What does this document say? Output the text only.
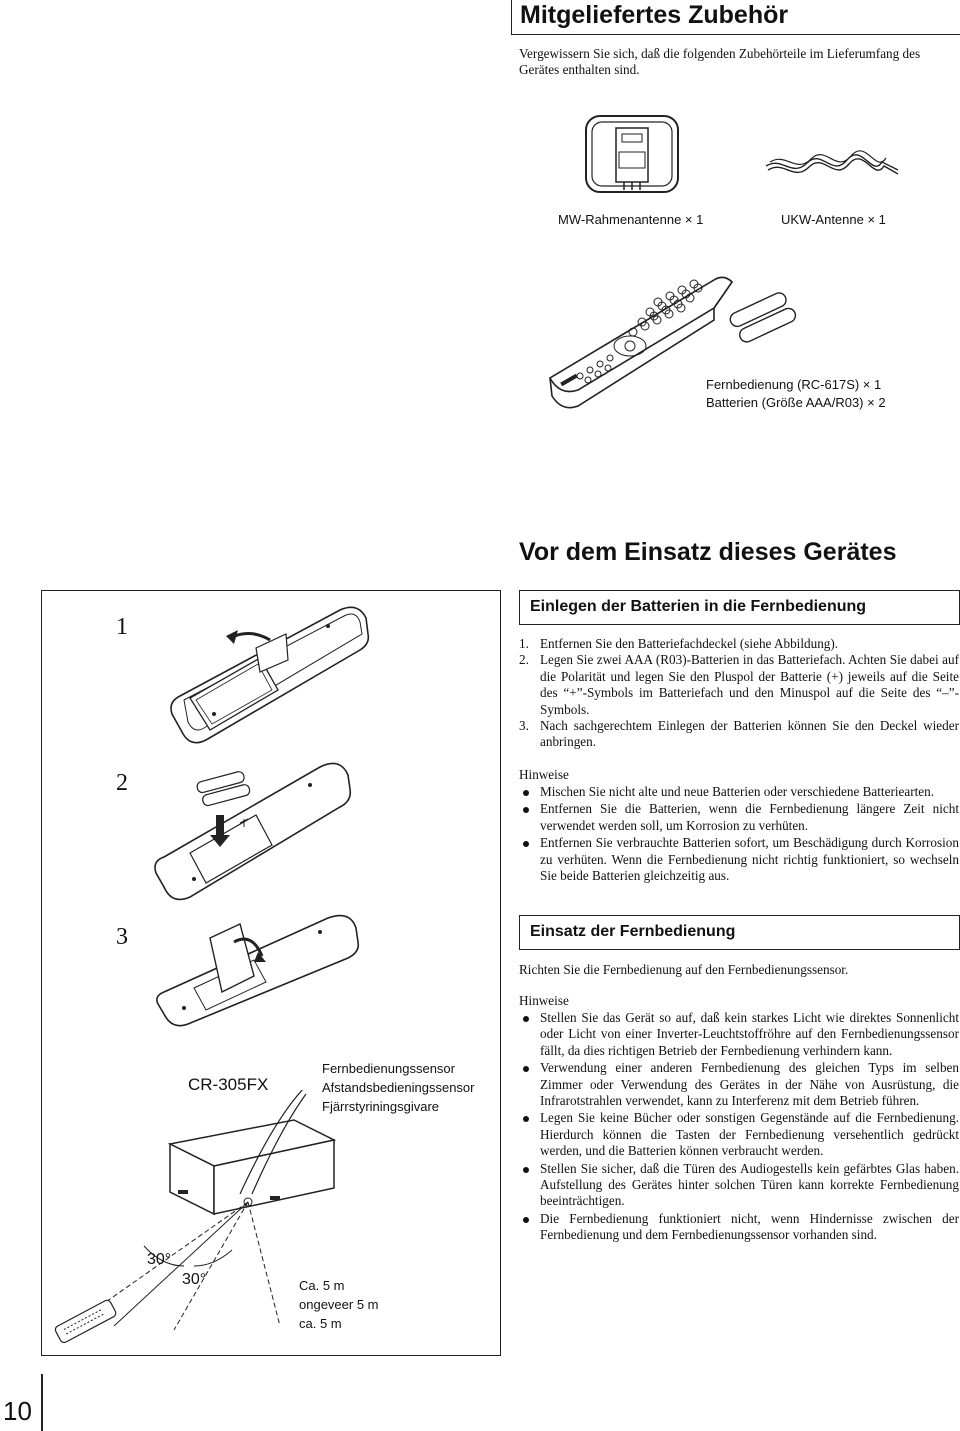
Mitgeliefertes Zubehör
Vergewissern Sie sich, daß die folgenden Zubehörteile im Lieferumfang des Gerätes enthalten sind.
MW-Rahmenantenne × 1	UKW-Antenne × 1
Fernbedienung (RC-617S) × 1
Batterien (Größe AAA/R03) × 2
Vor dem Einsatz dieses Gerätes
1
2
3
CR-305FX
Fernbedienungssensor
Afstandsbedieningssensor
Fjärrstyriningsgivare
30°
30°	Ca. 5 m
ongeveer 5 m
ca. 5 m
Einlegen der Batterien in die Fernbedienung
1. Entfernen Sie den Batteriefachdeckel (siehe Abbildung).
2. Legen Sie zwei AAA (R03)-Batterien in das Batteriefach. Achten Sie dabei auf die Polarität und legen Sie den Pluspol der Batterie (+) jeweils auf die Seite des “+”-Symbols im Batteriefach und den Minuspol auf die Seite des “–”-Symbols.
3. Nach sachgerechtem Einlegen der Batterien können Sie den Deckel wieder anbringen.
Hinweise
Mischen Sie nicht alte und neue Batterien oder verschiedene Batteriearten.
Entfernen Sie die Batterien, wenn die Fernbedienung längere Zeit nicht verwendet werden soll, um Korrosion zu verhüten.
Entfernen Sie verbrauchte Batterien sofort, um Beschädigung durch Korrosion zu verhüten. Wenn die Fernbedienung nicht richtig funktioniert, so wechseln Sie beide Batterien gleichzeitig aus.
Einsatz der Fernbedienung
Richten Sie die Fernbedienung auf den Fernbedienungssensor.
Hinweise
Stellen Sie das Gerät so auf, daß kein starkes Licht wie direktes Sonnenlicht oder Licht von einer Inverter-Leuchtstoffröhre auf den Fernbedienungssensor fällt, da dies richtigen Betrieb der Fernbedienung verhindern kann.
Verwendung einer anderen Fernbedienung des gleichen Typs im selben Zimmer oder Verwendung des Gerätes in der Nähe von Ausrüstung, die Infrarotstrahlen verwendet, kann zu Interferenz mit dem Betrieb führen.
Legen Sie keine Bücher oder sonstigen Gegenstände auf die Fernbedienung. Hierdurch können die Tasten der Fernbedienung versehentlich gedrückt werden, und die Batterien können verbraucht werden.
Stellen Sie sicher, daß die Türen des Audiogestells kein gefärbtes Glas haben. Aufstellung des Gerätes hinter solchen Türen kann korrekte Fernbedienung beeinträchtigen.
Die Fernbedienung funktioniert nicht, wenn Hindernisse zwischen der Fernbedienung und dem Fernbedienungssensor vorhanden sind.
10
